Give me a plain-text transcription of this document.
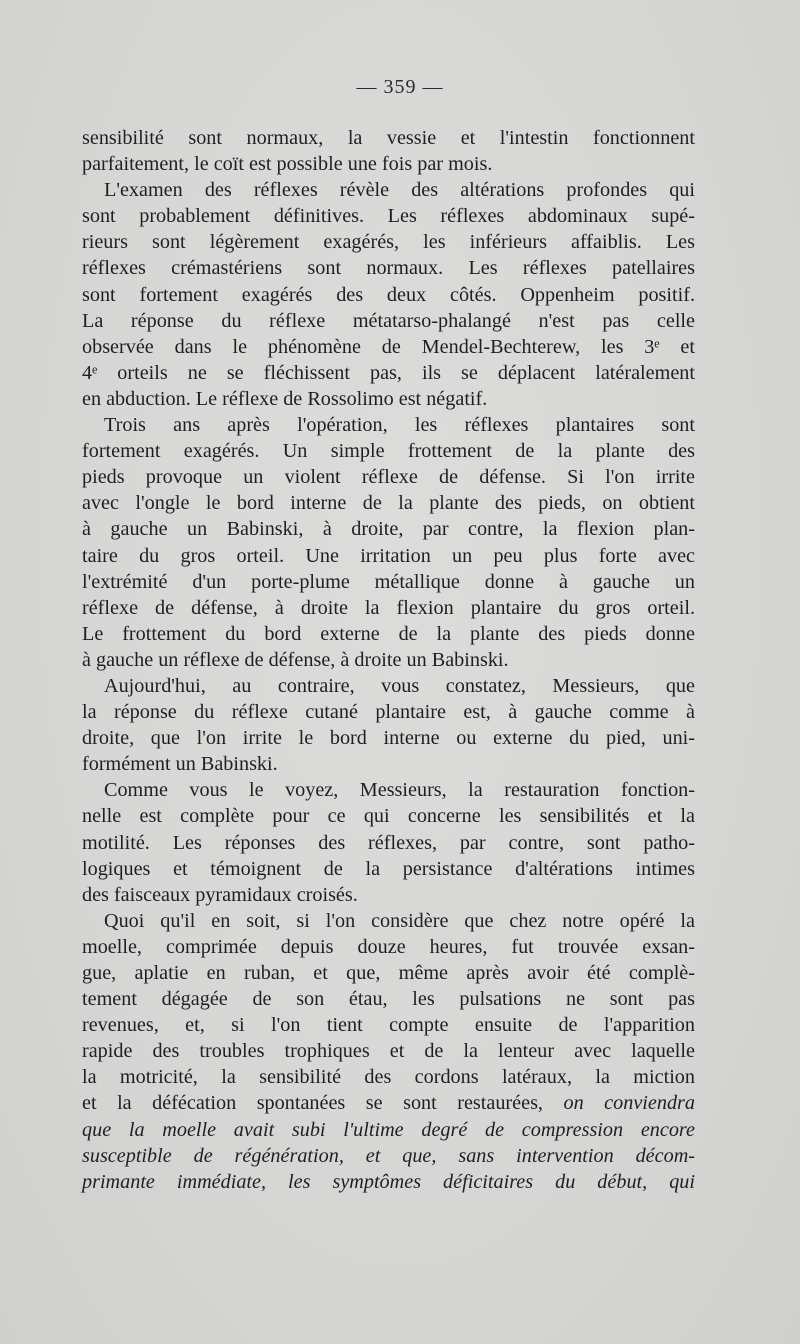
— 359 —
sensibilité sont normaux, la vessie et l'intestin fonctionnent
parfaitement, le coït est possible une fois par mois.
L'examen des réflexes révèle des altérations profondes qui
sont probablement définitives. Les réflexes abdominaux supé-
rieurs sont légèrement exagérés, les inférieurs affaiblis. Les
réflexes crémastériens sont normaux. Les réflexes patellaires
sont fortement exagérés des deux côtés. Oppenheim positif.
La réponse du réflexe métatarso-phalangé n'est pas celle
observée dans le phénomène de Mendel-Bechterew, les 3ᵉ et
4ᵉ orteils ne se fléchissent pas, ils se déplacent latéralement
en abduction. Le réflexe de Rossolimo est négatif.
Trois ans après l'opération, les réflexes plantaires sont
fortement exagérés. Un simple frottement de la plante des
pieds provoque un violent réflexe de défense. Si l'on irrite
avec l'ongle le bord interne de la plante des pieds, on obtient
à gauche un Babinski, à droite, par contre, la flexion plan-
taire du gros orteil. Une irritation un peu plus forte avec
l'extrémité d'un porte-plume métallique donne à gauche un
réflexe de défense, à droite la flexion plantaire du gros orteil.
Le frottement du bord externe de la plante des pieds donne
à gauche un réflexe de défense, à droite un Babinski.
Aujourd'hui, au contraire, vous constatez, Messieurs, que
la réponse du réflexe cutané plantaire est, à gauche comme à
droite, que l'on irrite le bord interne ou externe du pied, uni-
formément un Babinski.
Comme vous le voyez, Messieurs, la restauration fonction-
nelle est complète pour ce qui concerne les sensibilités et la
motilité. Les réponses des réflexes, par contre, sont patho-
logiques et témoignent de la persistance d'altérations intimes
des faisceaux pyramidaux croisés.
Quoi qu'il en soit, si l'on considère que chez notre opéré la
moelle, comprimée depuis douze heures, fut trouvée exsan-
gue, aplatie en ruban, et que, même après avoir été complè-
tement dégagée de son étau, les pulsations ne sont pas
revenues, et, si l'on tient compte ensuite de l'apparition
rapide des troubles trophiques et de la lenteur avec laquelle
la motricité, la sensibilité des cordons latéraux, la miction
et la défécation spontanées se sont restaurées, on conviendra
que la moelle avait subi l'ultime degré de compression encore
susceptible de régénération, et que, sans intervention décom-
primante immédiate, les symptômes déficitaires du début, qui
